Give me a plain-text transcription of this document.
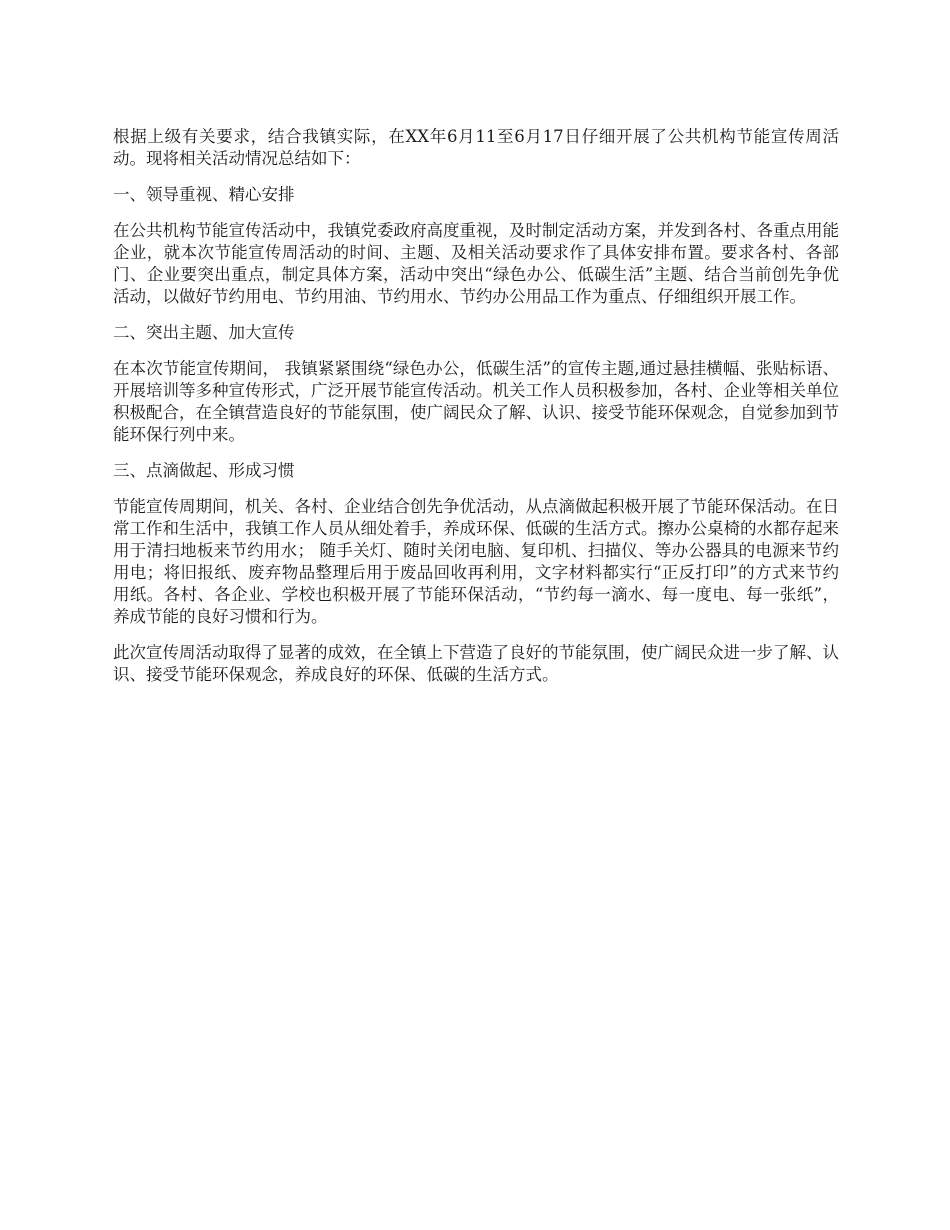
根据上级有关要求，结合我镇实际，在XX年6月11至6月17日仔细开展了公共机构节能宣传周活动。现将相关活动情况总结如下：

一、领导重视、精心安排

在公共机构节能宣传活动中，我镇党委政府高度重视，及时制定活动方案，并发到各村、各重点用能企业，就本次节能宣传周活动的时间、主题、及相关活动要求作了具体安排布置。要求各村、各部门、企业要突出重点，制定具体方案，活动中突出“绿色办公、低碳生活”主题、结合当前创先争优活动，以做好节约用电、节约用油、节约用水、节约办公用品工作为重点、仔细组织开展工作。

二、突出主题、加大宣传

在本次节能宣传期间， 我镇紧紧围绕“绿色办公，低碳生活”的宣传主题,通过悬挂横幅、张贴标语、开展培训等多种宣传形式，广泛开展节能宣传活动。机关工作人员积极参加，各村、企业等相关单位积极配合，在全镇营造良好的节能氛围，使广阔民众了解、认识、接受节能环保观念，自觉参加到节能环保行列中来。

三、点滴做起、形成习惯

节能宣传周期间，机关、各村、企业结合创先争优活动，从点滴做起积极开展了节能环保活动。在日常工作和生活中，我镇工作人员从细处着手，养成环保、低碳的生活方式。擦办公桌椅的水都存起来用于清扫地板来节约用水； 随手关灯、随时关闭电脑、复印机、扫描仪、等办公器具的电源来节约用电；将旧报纸、废弃物品整理后用于废品回收再利用，文字材料都实行“正反打印”的方式来节约用纸。各村、各企业、学校也积极开展了节能环保活动，“节约每一滴水、每一度电、每一张纸”，养成节能的良好习惯和行为。

此次宣传周活动取得了显著的成效，在全镇上下营造了良好的节能氛围，使广阔民众进一步了解、认识、接受节能环保观念，养成良好的环保、低碳的生活方式。
